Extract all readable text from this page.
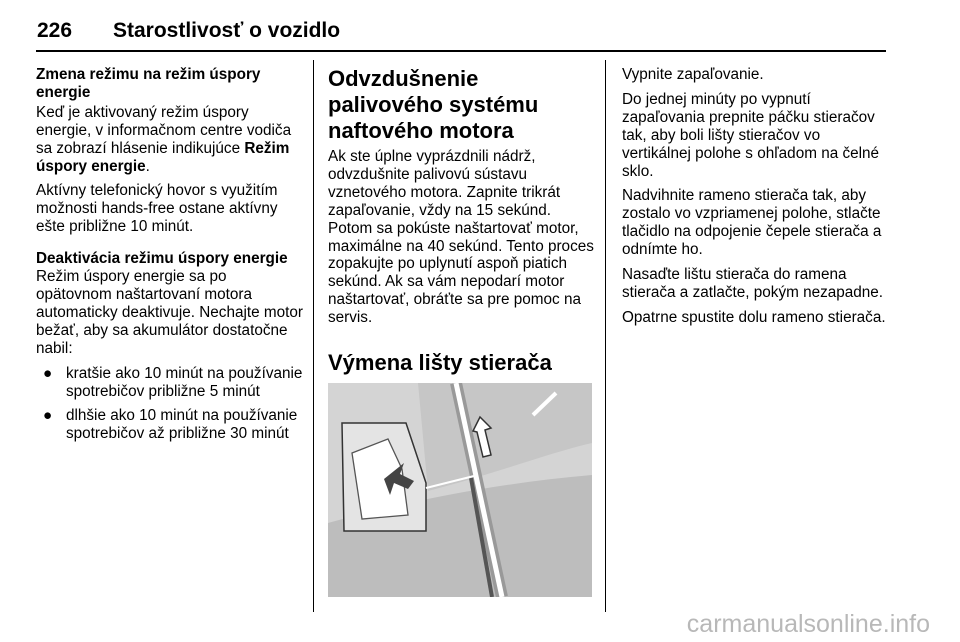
226 Starostlivosť o vozidlo
Zmena režimu na režim úspory energie

Keď je aktivovaný režim úspory energie, v informačnom centre vodiča sa zobrazí hlásenie indikujúce Režim úspory energie.

Aktívny telefonický hovor s využitím možnosti hands-free ostane aktívny ešte približne 10 minút.

Deaktivácia režimu úspory energie

Režim úspory energie sa po opätovnom naštartovaní motora automaticky deaktivuje. Nechajte motor bežať, aby sa akumulátor dostatočne nabil:

● kratšie ako 10 minút na používanie spotrebičov približne 5 minút
● dlhšie ako 10 minút na používanie spotrebičov až približne 30 minút
Odvzdušnenie palivového systému naftového motora

Ak ste úplne vyprázdnili nádrž, odvzdušnite palivovú sústavu vznetového motora. Zapnite trikrát zapaľovanie, vždy na 15 sekúnd. Potom sa pokúste naštartovať motor, maximálne na 40 sekúnd. Tento proces zopakujte po uplynutí aspoň piatich sekúnd. Ak sa vám nepodarí motor naštartovať, obráťte sa pre pomoc na servis.

Výmena lišty stierača

Vypnite zapaľovanie.

Do jednej minúty po vypnutí zapaľovania prepnite páčku stieračov tak, aby boli lišty stieračov vo vertikálnej polohe s ohľadom na čelné sklo.

Nadvihnite rameno stierača tak, aby zostalo vo vzpriamenej polohe, stlačte tlačidlo na odpojenie čepele stierača a odnímte ho.

Nasaďte lištu stierača do ramena stierača a zatlačte, pokým nezapadne.

Opatrne spustite dolu rameno stierača.

carmanualsonline.info
